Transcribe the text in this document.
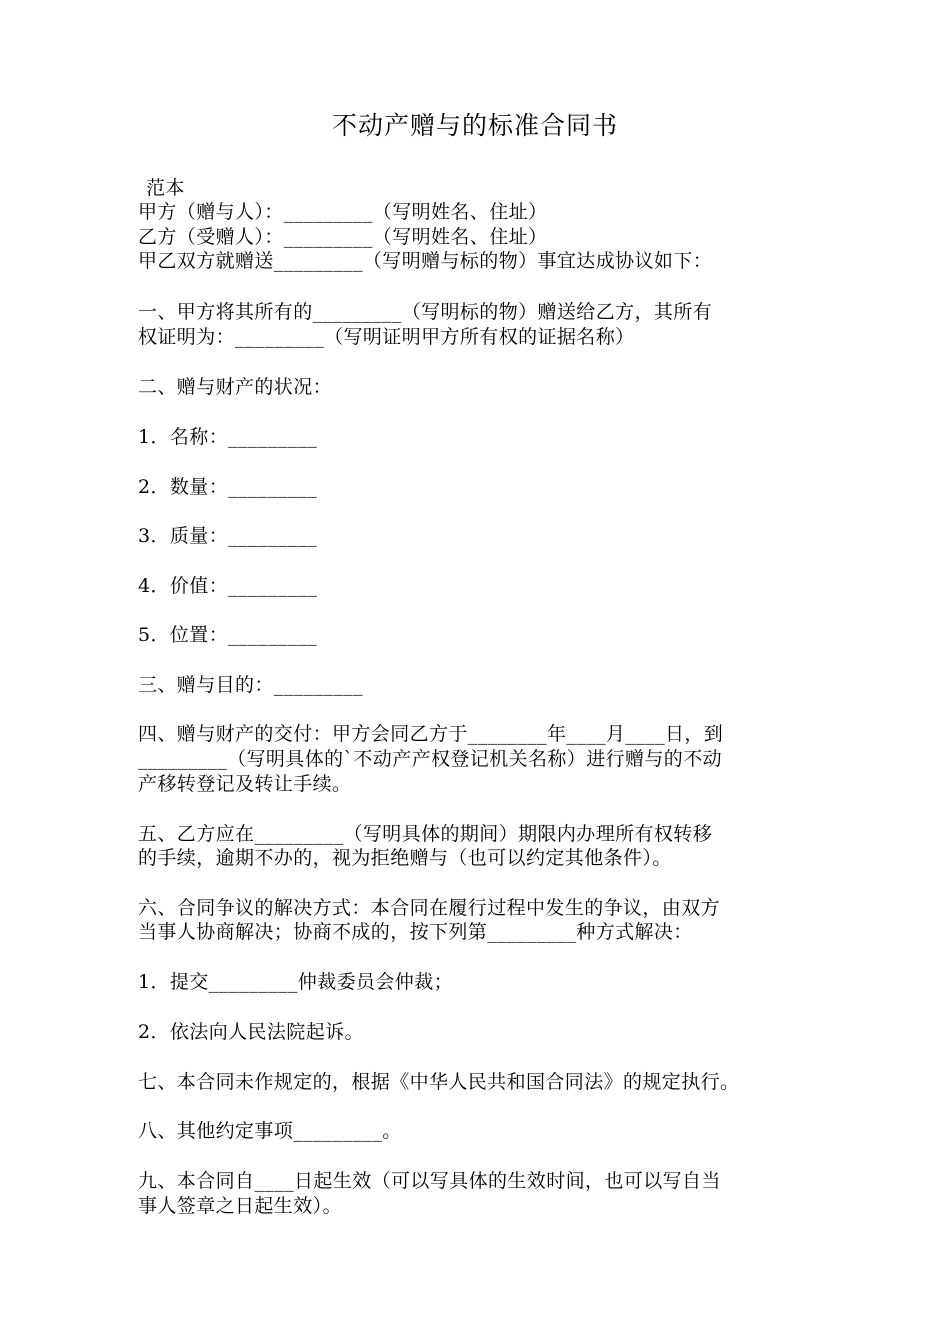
不动产赠与的标准合同书
范本
甲方（赠与人）：_________（写明姓名、住址）
乙方（受赠人）：_________（写明姓名、住址）
甲乙双方就赠送_________（写明赠与标的物）事宜达成协议如下：
一、甲方将其所有的_________（写明标的物）赠送给乙方，其所有
权证明为：_________（写明证明甲方所有权的证据名称）
二、赠与财产的状况：
1．名称：_________
2．数量：_________
3．质量：_________
4．价值：_________
5．位置：_________
三、赠与目的：_________
四、赠与财产的交付：甲方会同乙方于________年____月____日，到
_________（写明具体的`不动产产权登记机关名称）进行赠与的不动
产移转登记及转让手续。
五、乙方应在_________（写明具体的期间）期限内办理所有权转移
的手续，逾期不办的，视为拒绝赠与（也可以约定其他条件）。
六、合同争议的解决方式：本合同在履行过程中发生的争议，由双方
当事人协商解决；协商不成的，按下列第_________种方式解决：
1．提交_________仲裁委员会仲裁；
2．依法向人民法院起诉。
七、本合同未作规定的，根据《中华人民共和国合同法》的规定执行。
八、其他约定事项_________。
九、本合同自____日起生效（可以写具体的生效时间，也可以写自当
事人签章之日起生效）。
